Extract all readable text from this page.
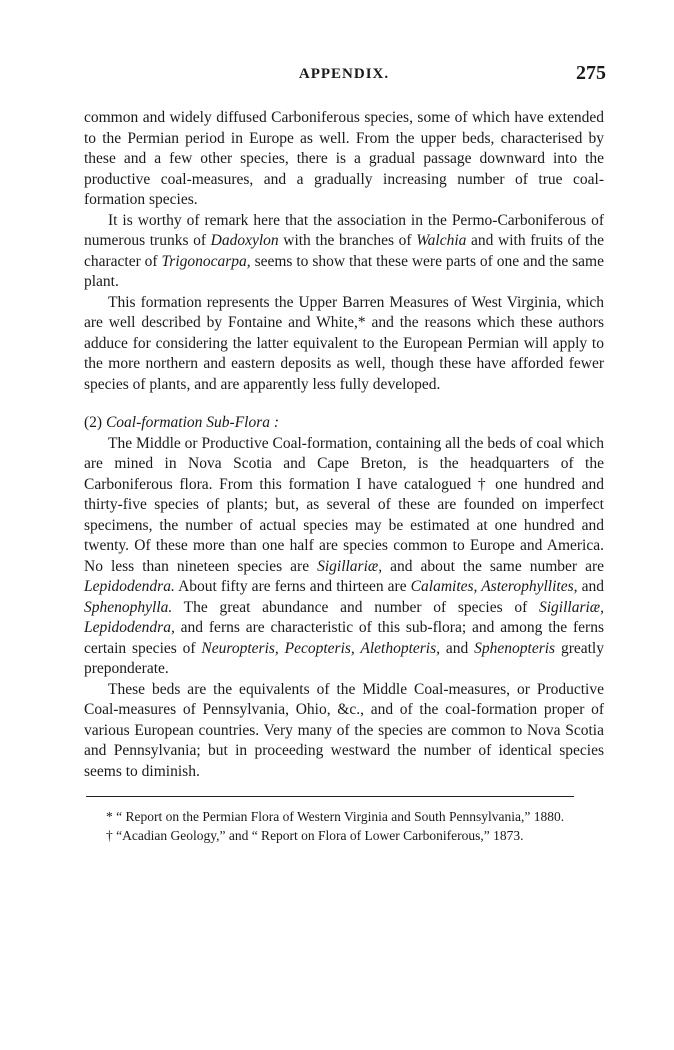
APPENDIX.	275

common and widely diffused Carboniferous species, some of which have extended to the Permian period in Europe as well. From the upper beds, characterised by these and a few other species, there is a gradual passage downward into the productive coal-measures, and a gradually increasing number of true coal-formation species.

It is worthy of remark here that the association in the Permo-Carboniferous of numerous trunks of Dadoxylon with the branches of Walchia and with fruits of the character of Trigonocarpa, seems to show that these were parts of one and the same plant.

This formation represents the Upper Barren Measures of West Virginia, which are well described by Fontaine and White,* and the reasons which these authors adduce for considering the latter equivalent to the European Permian will apply to the more northern and eastern deposits as well, though these have afforded fewer species of plants, and are apparently less fully developed.

(2) Coal-formation Sub-Flora :

The Middle or Productive Coal-formation, containing all the beds of coal which are mined in Nova Scotia and Cape Breton, is the headquarters of the Carboniferous flora. From this formation I have catalogued † one hundred and thirty-five species of plants; but, as several of these are founded on imperfect specimens, the number of actual species may be estimated at one hundred and twenty. Of these more than one half are species common to Europe and America. No less than nineteen species are Sigillariæ, and about the same number are Lepidodendra. About fifty are ferns and thirteen are Calamites, Asterophyllites, and Sphenophylla. The great abundance and number of species of Sigillariæ, Lepidodendra, and ferns are characteristic of this sub-flora; and among the ferns certain species of Neuropteris, Pecopteris, Alethopteris, and Sphenopteris greatly preponderate.

These beds are the equivalents of the Middle Coal-measures, or Productive Coal-measures of Pennsylvania, Ohio, &c., and of the coal-formation proper of various European countries. Very many of the species are common to Nova Scotia and Pennsylvania; but in proceeding westward the number of identical species seems to diminish.

* “ Report on the Permian Flora of Western Virginia and South Pennsylvania,” 1880.

† “Acadian Geology,” and “ Report on Flora of Lower Carboniferous,” 1873.
